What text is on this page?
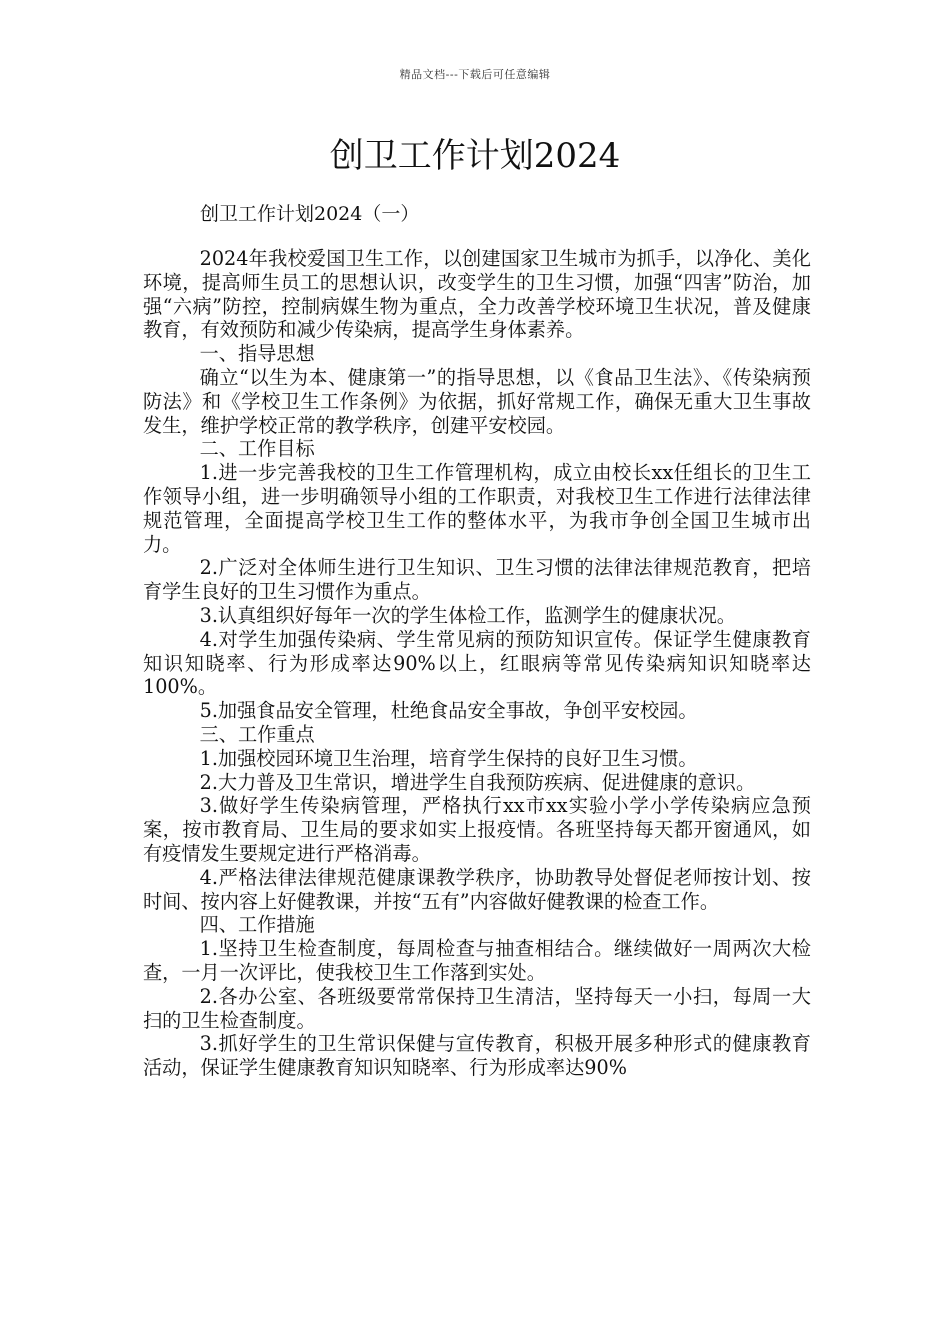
精品文档---下载后可任意编辑
创卫工作计划2024
创卫工作计划2024（一）

2024年我校爱国卫生工作，以创建国家卫生城市为抓手，以净化、美化环境，提高师生员工的思想认识，改变学生的卫生习惯，加强“四害”防治，加强“六病”防控，控制病媒生物为重点，全力改善学校环境卫生状况，普及健康教育，有效预防和减少传染病，提高学生身体素养。

一、指导思想

确立“以生为本、健康第一”的指导思想，以《食品卫生法》、《传染病预防法》和《学校卫生工作条例》为依据，抓好常规工作，确保无重大卫生事故发生，维护学校正常的教学秩序，创建平安校园。

二、工作目标

1.进一步完善我校的卫生工作管理机构，成立由校长xx任组长的卫生工作领导小组，进一步明确领导小组的工作职责，对我校卫生工作进行法律法律规范管理，全面提高学校卫生工作的整体水平，为我市争创全国卫生城市出力。

2.广泛对全体师生进行卫生知识、卫生习惯的法律法律规范教育，把培育学生良好的卫生习惯作为重点。

3.认真组织好每年一次的学生体检工作，监测学生的健康状况。

4.对学生加强传染病、学生常见病的预防知识宣传。保证学生健康教育知识知晓率、行为形成率达90%以上，红眼病等常见传染病知识知晓率达100%。

5.加强食品安全管理，杜绝食品安全事故，争创平安校园。

三、工作重点

1.加强校园环境卫生治理，培育学生保持的良好卫生习惯。

2.大力普及卫生常识，增进学生自我预防疾病、促进健康的意识。

3.做好学生传染病管理，严格执行xx市xx实验小学小学传染病应急预案，按市教育局、卫生局的要求如实上报疫情。各班坚持每天都开窗通风，如有疫情发生要规定进行严格消毒。

4.严格法律法律规范健康课教学秩序，协助教导处督促老师按计划、按时间、按内容上好健教课，并按“五有”内容做好健教课的检查工作。

四、工作措施

1.坚持卫生检查制度，每周检查与抽查相结合。继续做好一周两次大检查，一月一次评比，使我校卫生工作落到实处。

2.各办公室、各班级要常常保持卫生清洁，坚持每天一小扫，每周一大扫的卫生检查制度。

3.抓好学生的卫生常识保健与宣传教育，积极开展多种形式的健康教育活动，保证学生健康教育知识知晓率、行为形成率达90%
